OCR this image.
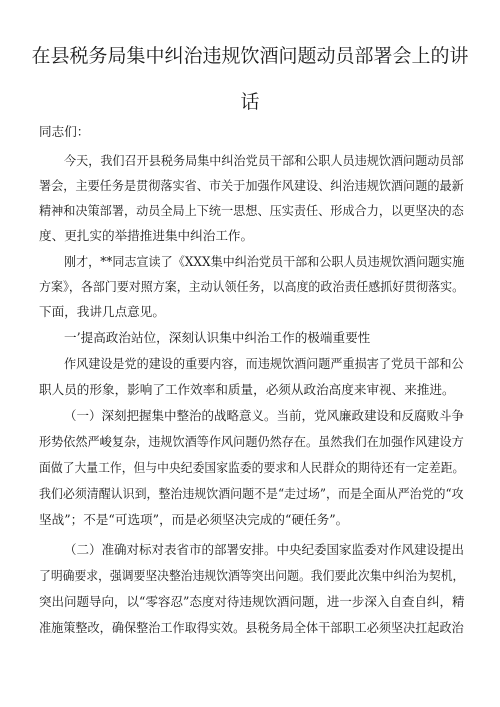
在县税务局集中纠治违规饮酒问题动员部署会上的讲
话
同志们：
今天，我们召开县税务局集中纠治党员干部和公职人员违规饮酒问题动员部
署会，主要任务是贯彻落实省、市关于加强作风建设、纠治违规饮酒问题的最新
精神和决策部署，动员全局上下统一思想、压实责任、形成合力，以更坚决的态
度、更扎实的举措推进集中纠治工作。
刚才，**同志宣读了《XXX集中纠治党员干部和公职人员违规饮酒问题实施
方案》，各部门要对照方案，主动认领任务，以高度的政治责任感抓好贯彻落实。
下面，我讲几点意见。
一’提高政治站位，深刻认识集中纠治工作的极端重要性
作风建设是党的建设的重要内容，而违规饮酒问题严重损害了党员干部和公
职人员的形象，影响了工作效率和质量，必须从政治高度来审视、来推进。
（一）深刻把握集中整治的战略意义。当前，党风廉政建设和反腐败斗争
形势依然严峻复杂，违规饮酒等作风问题仍然存在。虽然我们在加强作风建设方
面做了大量工作，但与中央纪委国家监委的要求和人民群众的期待还有一定差距。
我们必须清醒认识到，整治违规饮酒问题不是“走过场”，而是全面从严治党的“攻
坚战”；不是“可选项”，而是必须坚决完成的“硬任务”。
（二）准确对标对表省市的部署安排。中央纪委国家监委对作风建设提出
了明确要求，强调要坚决整治违规饮酒等突出问题。我们要此次集中纠治为契机，
突出问题导向，以“零容忍”态度对待违规饮酒问题，进一步深入自查自纠，精
准施策整改，确保整治工作取得实效。县税务局全体干部职工必须坚决扛起政治
